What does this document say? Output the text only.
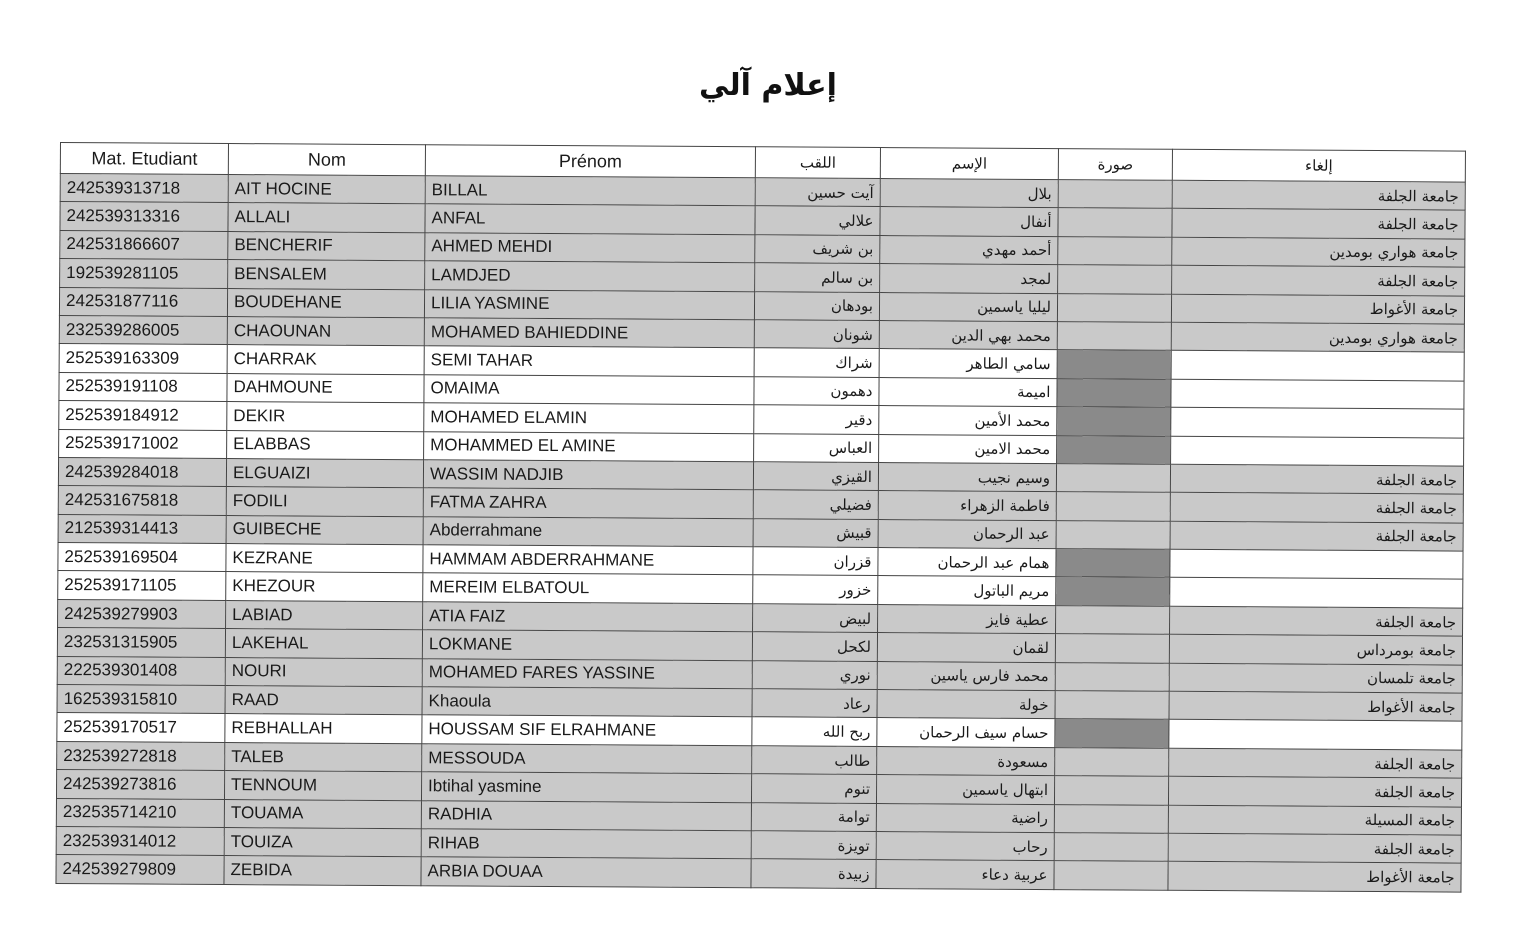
إعلام آلي
Mat. Etudiant	Nom	Prénom	اللقب	الإسم	صورة	إلغاء
242539313718	AIT HOCINE	BILLAL	آيت حسين	بلال		جامعة الجلفة
242539313316	ALLALI	ANFAL	علالي	أنفال		جامعة الجلفة
242531866607	BENCHERIF	AHMED MEHDI	بن شريف	أحمد مهدي		جامعة هواري بومدين
192539281105	BENSALEM	LAMDJED	بن سالم	لمجد		جامعة الجلفة
242531877116	BOUDEHANE	LILIA YASMINE	بودهان	ليليا ياسمين		جامعة الأغواط
232539286005	CHAOUNAN	MOHAMED BAHIEDDINE	شونان	محمد بهي الدين		جامعة هواري بومدين
252539163309	CHARRAK	SEMI TAHAR	شراك	سامي الطاهر		
252539191108	DAHMOUNE	OMAIMA	دهمون	اميمة		
252539184912	DEKIR	MOHAMED ELAMIN	دقير	محمد الأمين		
252539171002	ELABBAS	MOHAMMED EL AMINE	العباس	محمد الامين		
242539284018	ELGUAIZI	WASSIM NADJIB	القيزي	وسيم نجيب		جامعة الجلفة
242531675818	FODILI	FATMA ZAHRA	فضيلي	فاطمة الزهراء		جامعة الجلفة
212539314413	GUIBECHE	Abderrahmane	قبيش	عبد الرحمان		جامعة الجلفة
252539169504	KEZRANE	HAMMAM ABDERRAHMANE	قزران	همام عبد الرحمان		
252539171105	KHEZOUR	MEREIM ELBATOUL	خزور	مريم الباتول		
242539279903	LABIAD	ATIA FAIZ	لبيض	عطية فايز		جامعة الجلفة
232531315905	LAKEHAL	LOKMANE	لكحل	لقمان		جامعة بومرداس
222539301408	NOURI	MOHAMED FARES YASSINE	نوري	محمد فارس ياسين		جامعة تلمسان
162539315810	RAAD	Khaoula	رعاد	خولة		جامعة الأغواط
252539170517	REBHALLAH	HOUSSAM SIF ELRAHMANE	ربح الله	حسام سيف الرحمان		
232539272818	TALEB	MESSOUDA	طالب	مسعودة		جامعة الجلفة
242539273816	TENNOUM	Ibtihal yasmine	تنوم	ابتهال ياسمين		جامعة الجلفة
232535714210	TOUAMA	RADHIA	توامة	راضية		جامعة المسيلة
232539314012	TOUIZA	RIHAB	تويزة	رحاب		جامعة الجلفة
242539279809	ZEBIDA	ARBIA DOUAA	زبيدة	عربية دعاء		جامعة الأغواط
